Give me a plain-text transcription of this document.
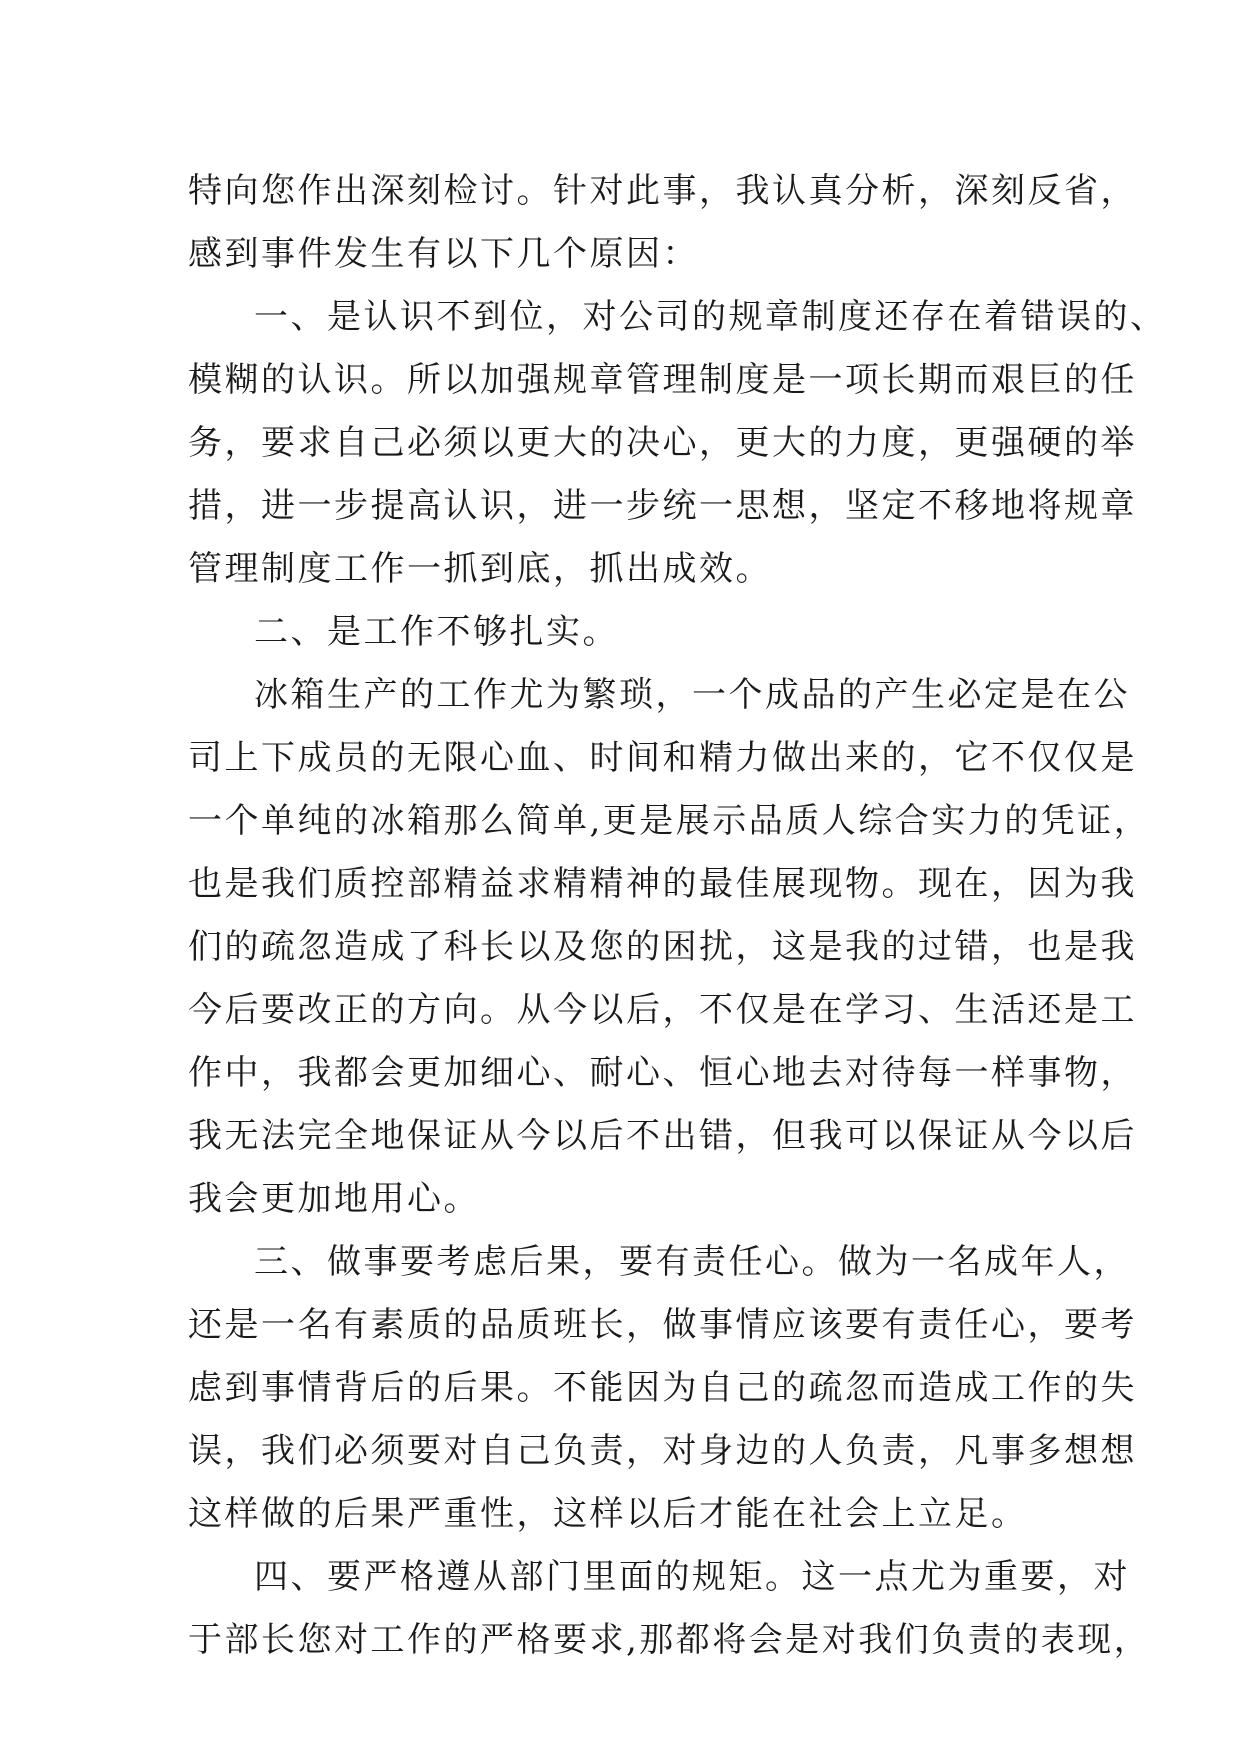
特向您作出深刻检讨。针对此事，我认真分析，深刻反省，
感到事件发生有以下几个原因：
一、是认识不到位，对公司的规章制度还存在着错误的、
模糊的认识。所以加强规章管理制度是一项长期而艰巨的任
务，要求自己必须以更大的决心，更大的力度，更强硬的举
措，进一步提高认识，进一步统一思想，坚定不移地将规章
管理制度工作一抓到底，抓出成效。
二、是工作不够扎实。
冰箱生产的工作尤为繁琐，一个成品的产生必定是在公
司上下成员的无限心血、时间和精力做出来的，它不仅仅是
一个单纯的冰箱那么简单,更是展示品质人综合实力的凭证，
也是我们质控部精益求精精神的最佳展现物。现在，因为我
们的疏忽造成了科长以及您的困扰，这是我的过错，也是我
今后要改正的方向。从今以后，不仅是在学习、生活还是工
作中，我都会更加细心、耐心、恒心地去对待每一样事物，
我无法完全地保证从今以后不出错，但我可以保证从今以后
我会更加地用心。
三、做事要考虑后果，要有责任心。做为一名成年人，
还是一名有素质的品质班长，做事情应该要有责任心，要考
虑到事情背后的后果。不能因为自己的疏忽而造成工作的失
误，我们必须要对自己负责，对身边的人负责，凡事多想想
这样做的后果严重性，这样以后才能在社会上立足。
四、要严格遵从部门里面的规矩。这一点尤为重要，对
于部长您对工作的严格要求,那都将会是对我们负责的表现，
